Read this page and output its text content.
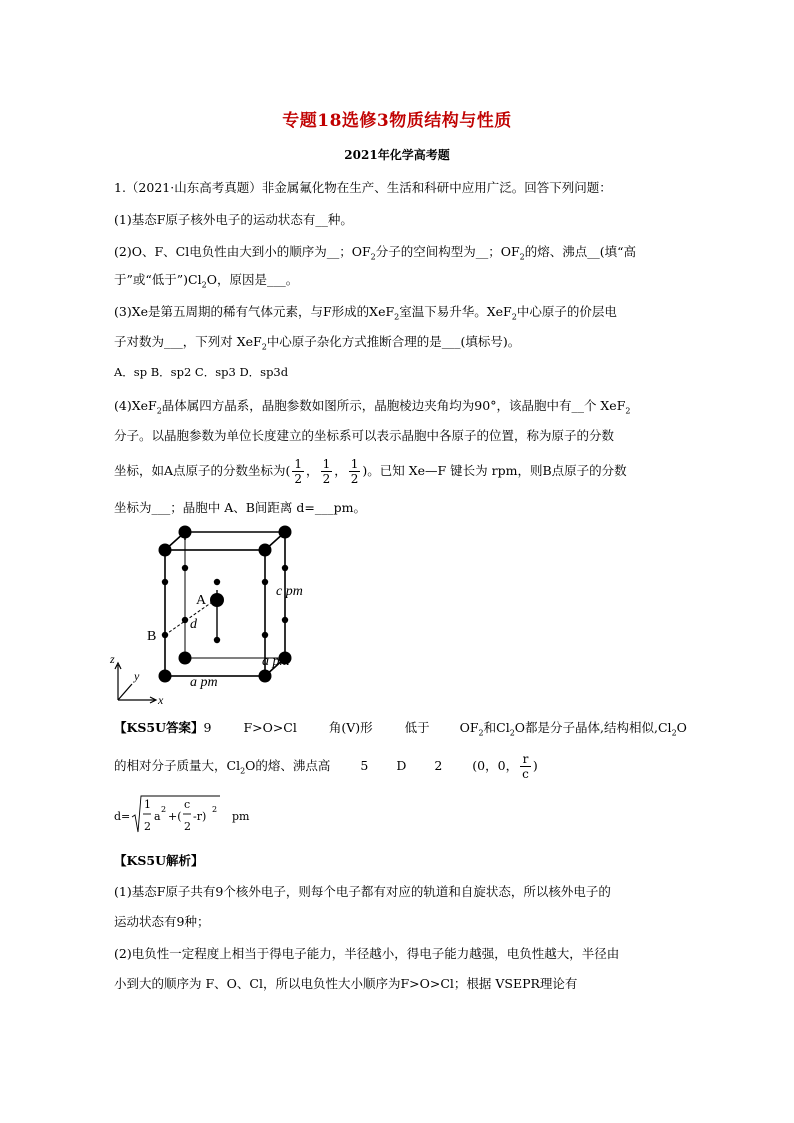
专题18选修3物质结构与性质
2021年化学高考题
1.（2021·山东高考真题）非金属氟化物在生产、生活和科研中应用广泛。回答下列问题：
(1)基态F原子核外电子的运动状态有__种。
(2)O、F、Cl电负性由大到小的顺序为__；$OF_2$分子的空间构型为__；$OF_2$的熔、沸点__(填“高
于”或“低于$”)Cl_2O$，原因是___。
(3)Xe是第五周期的稀有气体元素，与F形成的XeF$_2$室温下易升华。XeF$_2$中心原子的价层电
子对数为___，下列对 XeF$_2$中心原子杂化方式推断合理的是___(填标号)。
A．sp B．sp2 C．sp3 D．sp3d
(4)XeF$_2$晶体属四方晶系，晶胞参数如图所示，晶胞棱边夹角均为90°，该晶胞中有__个 XeF$_2$
分子。以晶胞参数为单位长度建立的坐标系可以表示晶胞中各原子的位置，称为原子的分数
坐标，如A点原子的分数坐标为( $\frac{1}{2}$ ， $\frac{1}{2}$ ， $\frac{1}{2}$ )。已知 Xe—F 键长为 rpm，则B点原子的分数
坐标为___；晶胞中 A、B间距离 d=___pm。
A
B
d
c pm
a pm
a pm
z
y
x
【KS5U答案】9	F>O>Cl	角(V)形	低于 $OF_2$和$Cl_2O$都是分子晶体,结构相似$,Cl_2O$
的相对分子质量大，$Cl_2O$的熔、沸点高 5 D 2 (0，0， $\frac{r}{c}$ )
d=
1
2
a
2
+(
c
2
-r)
2
pm
【KS5U解析】
(1)基态F原子共有9个核外电子，则每个电子都有对应的轨道和自旋状态，所以核外电子的
运动状态有9种；
(2)电负性一定程度上相当于得电子能力，半径越小，得电子能力越强，电负性越大，半径由
小到大的顺序为 F、O、Cl，所以电负性大小顺序为F>O>Cl；根据 VSEPR理论有
